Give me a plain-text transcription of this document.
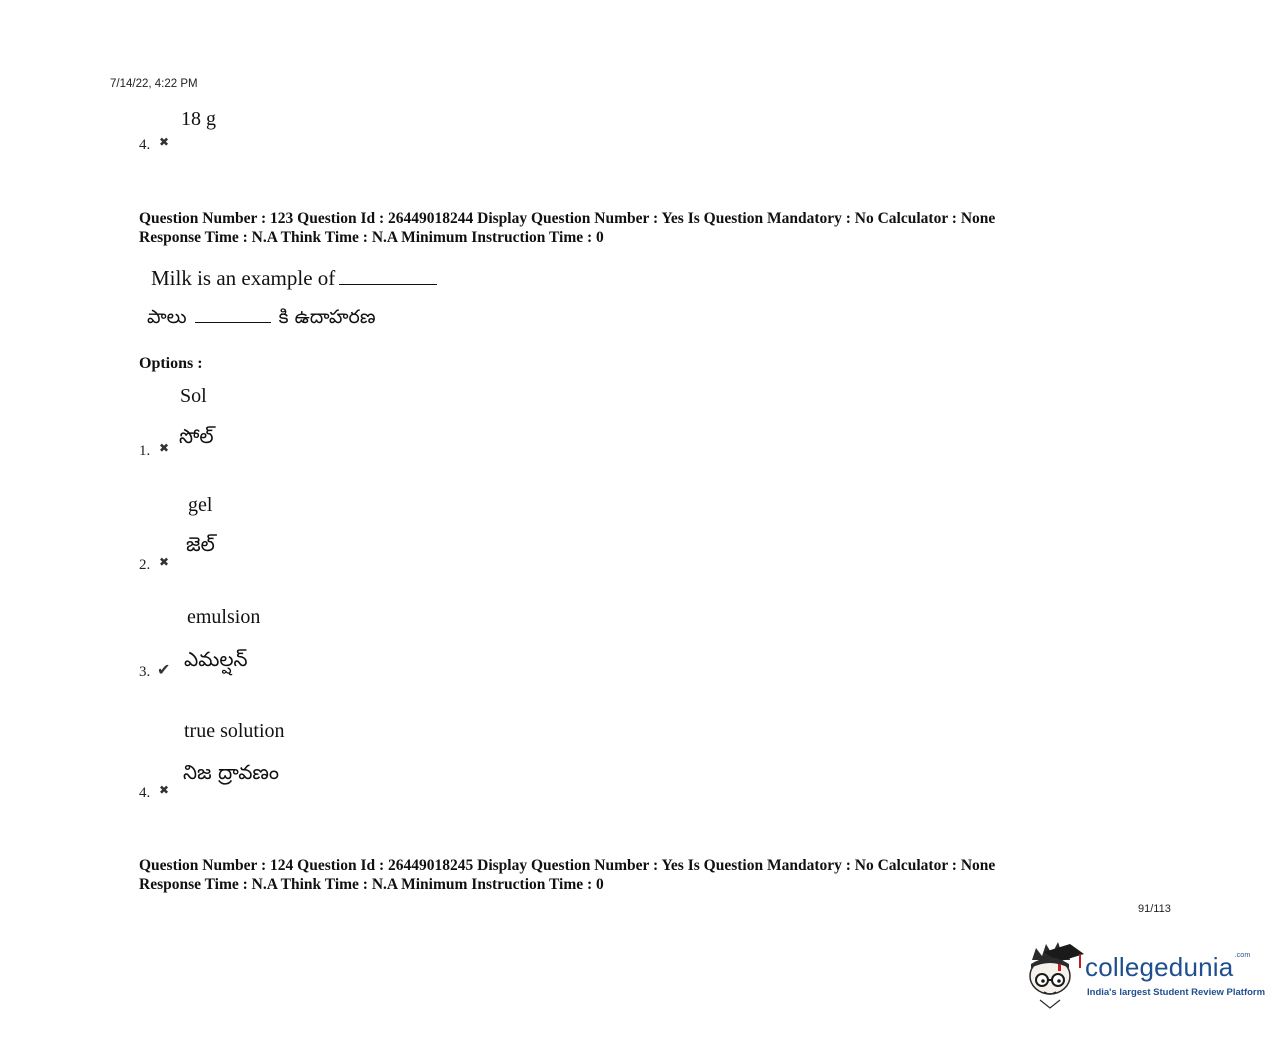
7/14/22, 4:22 PM
18 g
4. ✖
Question Number : 123 Question Id : 26449018244 Display Question Number : Yes Is Question Mandatory : No Calculator : None
Response Time : N.A Think Time : N.A Minimum Instruction Time : 0
Milk is an example of
పాలు	కి ఉదాహరణ
Options :
Sol
సోల్
1. ✖
gel
జెల్
2. ✖
emulsion
ఎమల్షన్
3. ✔
true solution
నిజ ద్రావణం
4. ✖
Question Number : 124 Question Id : 26449018245 Display Question Number : Yes Is Question Mandatory : No Calculator : None
Response Time : N.A Think Time : N.A Minimum Instruction Time : 0
91/113
collegedunia$^{.com}$
India's largest Student Review Platform
